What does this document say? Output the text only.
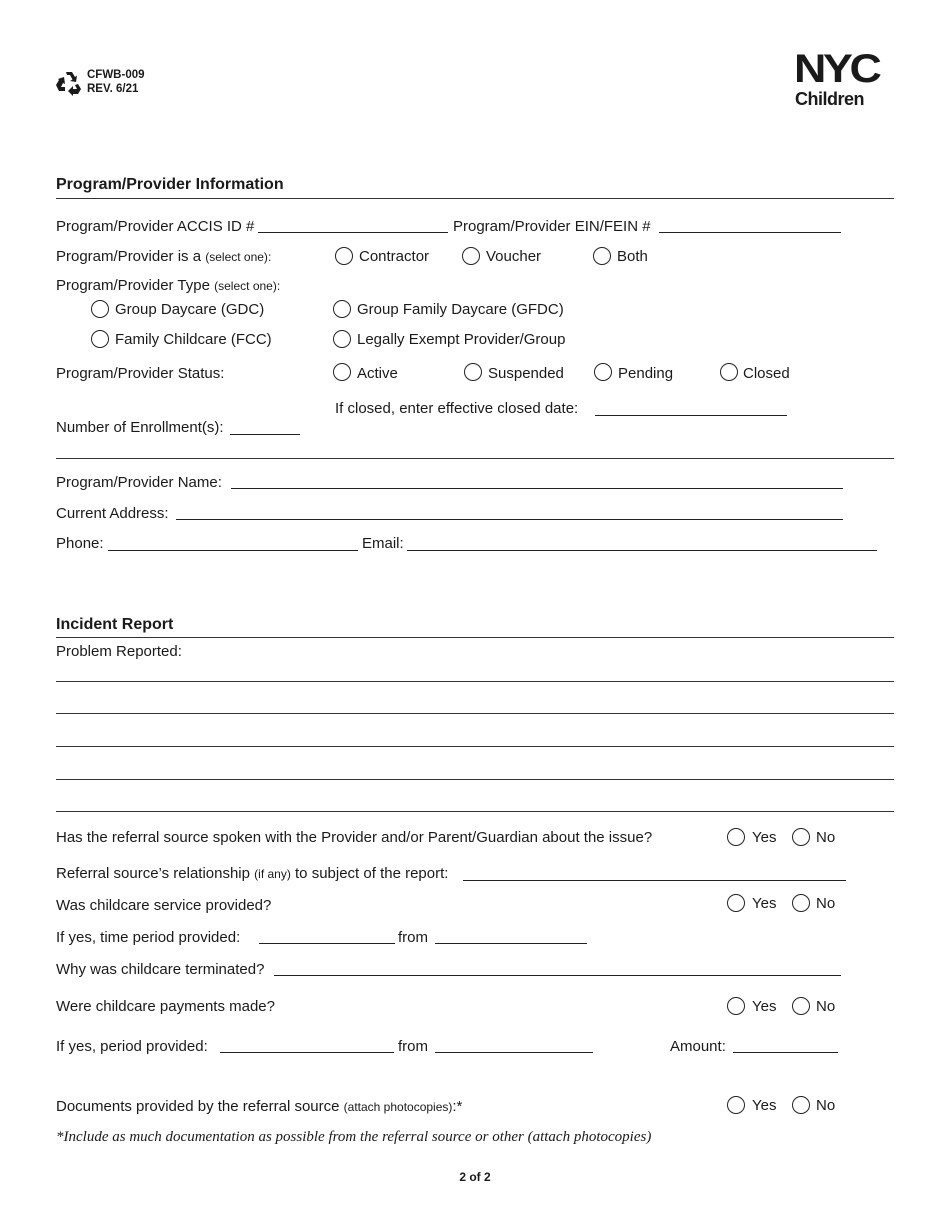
CFWB-009
REV. 6/21	NYC
Children
Program/Provider Information
Program/Provider ACCIS ID #	Program/Provider EIN/FEIN #
Program/Provider is a (select one):	Contractor	Voucher	Both
Program/Provider Type (select one):
Group Daycare (GDC)	Group Family Daycare (GFDC)
Family Childcare (FCC)	Legally Exempt Provider/Group
Program/Provider Status:	Active	Suspended	Pending	Closed
If closed, enter effective closed date:
Number of Enrollment(s):
Program/Provider Name:
Current Address:
Phone:	Email:
Incident Report
Problem Reported:
Has the referral source spoken with the Provider and/or Parent/Guardian about the issue?	Yes	No
Referral source’s relationship (if any) to subject of the report:
Was childcare service provided?	Yes	No
If yes, time period provided:	from
Why was childcare terminated?
Were childcare payments made?	Yes	No
If yes, period provided:	from	Amount:
Documents provided by the referral source (attach photocopies):*	Yes	No
*Include as much documentation as possible from the referral source or other (attach photocopies)
2 of 2
